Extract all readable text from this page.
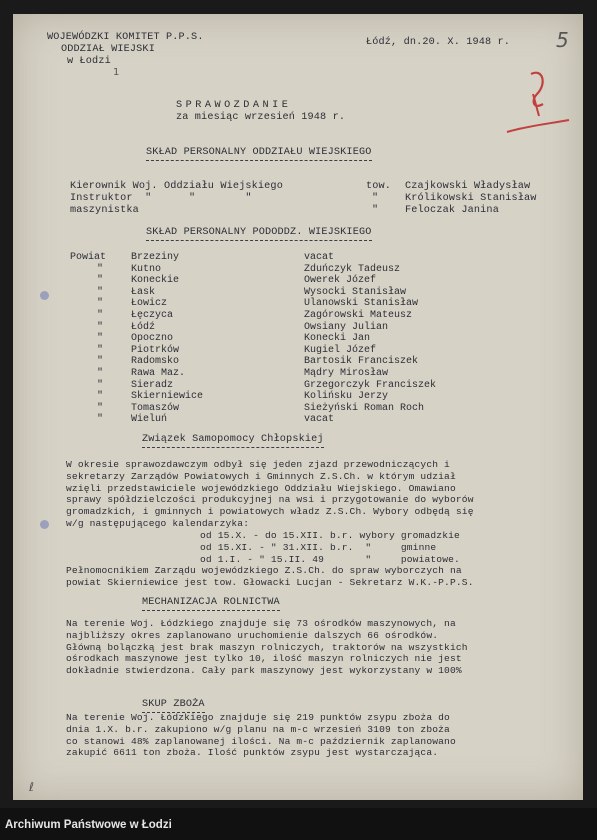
WOJEWÓDZKI KOMITET P.P.S.
ODDZIAŁ WIEJSKI
w Łodzi
1
Łódź, dn.20. X. 1948 r. 5
SPRAWOZDANIE
za miesiąc wrzesień 1948 r.
SKŁAD PERSONALNY ODDZIAŁU WIEJSKIEGO
Kierownik Woj. Oddziału Wiejskiego	tow. Czajkowski Władysław
Instruktor  "      "        "	"	Królikowski Stanisław
maszynistka	"	Feloczak Janina
SKŁAD PERSONALNY PODODDZ. WIEJSKIEGO
Powiat Brzeziny	vacat
"	Kutno	Zduńczyk Tadeusz
"	Koneckie	Owerek Józef
"	Łask	Wysocki Stanisław
"	Łowicz	Ulanowski Stanisław
"	Łęczyca	Zagórowski Mateusz
"	Łódź	Owsiany Julian
"	Opoczno	Konecki Jan
"	Piotrków	Kugiel Józef
"	Radomsko	Bartosik Franciszek
"	Rawa Maz.	Mądry Mirosław
"	Sieradz	Grzegorczyk Franciszek
"	Skierniewice	Kolińsku Jerzy
"	Tomaszów	Sieżyński Roman Roch
"	Wieluń	vacat
Związek Samopomocy Chłopskiej
W okresie sprawozdawczym odbył się jeden zjazd przewodniczących i
sekretarzy Zarządów Powiatowych i Gminnych Z.S.Ch. w którym udział
wzięli przedstawiciele wojewódzkiego Oddziału Wiejskiego. Omawiano
sprawy spółdzielczości produkcyjnej na wsi i przygotowanie do wyborów
gromadzkich, i gminnych i powiatowych władz Z.S.Ch. Wybory odbędą się
w/g następującego kalendarzyka:
od 15.X. - do 15.XII. b.r. wybory gromadzkie
od 15.XI. - " 31.XII. b.r.  "     gminne
od 1.I. - " 15.II. 49       "     powiatowe.
Pełnomocnikiem Zarządu wojewódzkiego Z.S.Ch. do spraw wyborczych na
powiat Skierniewice jest tow. Głowacki Lucjan - Sekretarz W.K.-P.P.S.
MECHANIZACJA ROLNICTWA
Na terenie Woj. Łódzkiego znajduje się 73 ośrodków maszynowych, na
najbliższy okres zaplanowano uruchomienie dalszych 66 ośrodków.
Główną bolączką jest brak maszyn rolniczych, traktorów na wszystkich
ośrodkach maszynowe jest tylko 10, ilość maszyn rolniczych nie jest
dokładnie stwierdzona. Cały park maszynowy jest wykorzystany w 100%
SKUP ZBOŻA
Na terenie Woj. Łódzkiego znajduje się 219 punktów zsypu zboża do
dnia 1.X. b.r. zakupiono w/g planu na m-c wrzesień 3109 ton zboża
co stanowi 48% zaplanowanej ilości. Na m-c październik zaplanowano
zakupić 6611 ton zboża. Ilość punktów zsypu jest wystarczająca.
ℓ
Archiwum Państwowe w Łodzi
